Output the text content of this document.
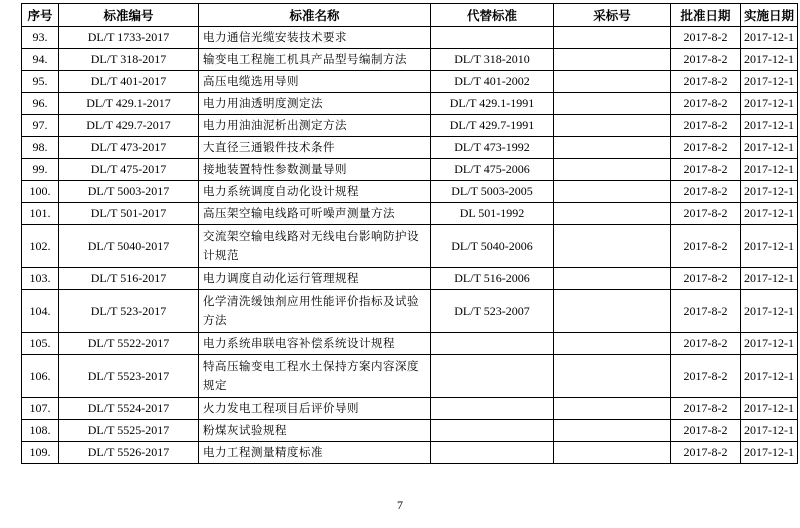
序号	标准编号	标准名称	代替标准	采标号	批准日期	实施日期
93.	DL/T 1733-2017	电力通信光缆安装技术要求			2017-8-2	2017-12-1
94.	DL/T 318-2017	输变电工程施工机具产品型号编制方法	DL/T 318-2010		2017-8-2	2017-12-1
95.	DL/T 401-2017	高压电缆选用导则	DL/T 401-2002		2017-8-2	2017-12-1
96.	DL/T 429.1-2017	电力用油透明度测定法	DL/T 429.1-1991		2017-8-2	2017-12-1
97.	DL/T 429.7-2017	电力用油油泥析出测定方法	DL/T 429.7-1991		2017-8-2	2017-12-1
98.	DL/T 473-2017	大直径三通锻件技术条件	DL/T 473-1992		2017-8-2	2017-12-1
99.	DL/T 475-2017	接地装置特性参数测量导则	DL/T 475-2006		2017-8-2	2017-12-1
100.	DL/T 5003-2017	电力系统调度自动化设计规程	DL/T 5003-2005		2017-8-2	2017-12-1
101.	DL/T 501-2017	高压架空输电线路可听噪声测量方法	DL 501-1992		2017-8-2	2017-12-1
102.	DL/T 5040-2017	交流架空输电线路对无线电台影响防护设计规范	DL/T 5040-2006		2017-8-2	2017-12-1
103.	DL/T 516-2017	电力调度自动化运行管理规程	DL/T 516-2006		2017-8-2	2017-12-1
104.	DL/T 523-2017	化学清洗缓蚀剂应用性能评价指标及试验方法	DL/T 523-2007		2017-8-2	2017-12-1
105.	DL/T 5522-2017	电力系统串联电容补偿系统设计规程			2017-8-2	2017-12-1
106.	DL/T 5523-2017	特高压输变电工程水土保持方案内容深度规定			2017-8-2	2017-12-1
107.	DL/T 5524-2017	火力发电工程项目后评价导则			2017-8-2	2017-12-1
108.	DL/T 5525-2017	粉煤灰试验规程			2017-8-2	2017-12-1
109.	DL/T 5526-2017	电力工程测量精度标准			2017-8-2	2017-12-1
7
